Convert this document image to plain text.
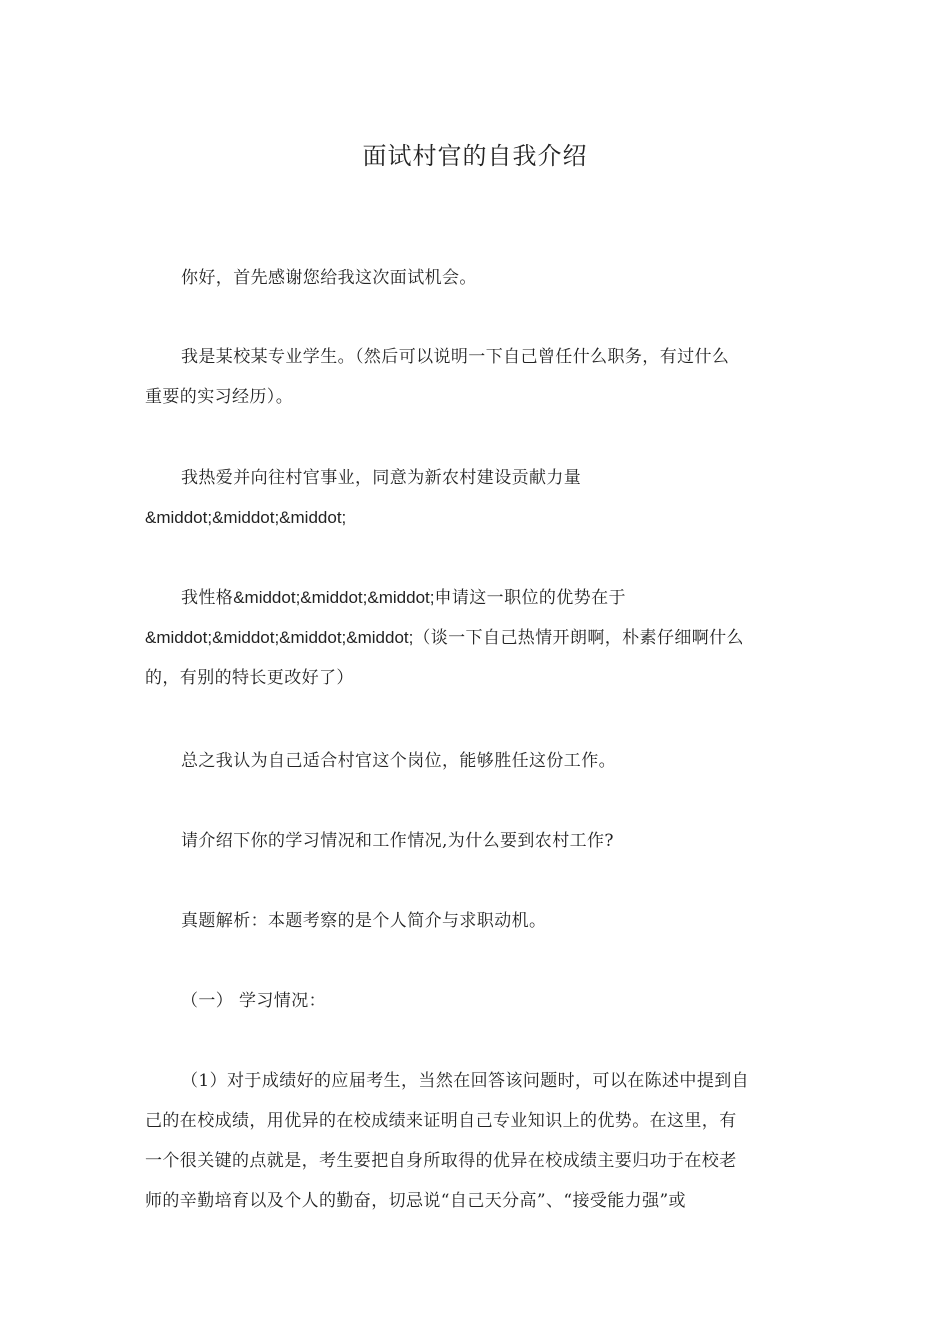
面试村官的自我介绍

你好，首先感谢您给我这次面试机会。

我是某校某专业学生。（然后可以说明一下自己曾任什么职务，有过什么
重要的实习经历）。
我热爱并向往村官事业，同意为新农村建设贡献力量
&middot;&middot;&middot;
我性格&middot;&middot;&middot;申请这一职位的优势在于
&middot;&middot;&middot;&middot;（谈一下自己热情开朗啊，朴素仔细啊什么
的，有别的特长更改好了）

总之我认为自己适合村官这个岗位，能够胜任这份工作。

请介绍下你的学习情况和工作情况,为什么要到农村工作?

真题解析：本题考察的是个人简介与求职动机。

（一） 学习情况：

（1）对于成绩好的应届考生，当然在回答该问题时，可以在陈述中提到自
己的在校成绩，用优异的在校成绩来证明自己专业知识上的优势。在这里，有
一个很关键的点就是，考生要把自身所取得的优异在校成绩主要归功于在校老
师的辛勤培育以及个人的勤奋，切忌说“自己天分高”、“接受能力强”或
